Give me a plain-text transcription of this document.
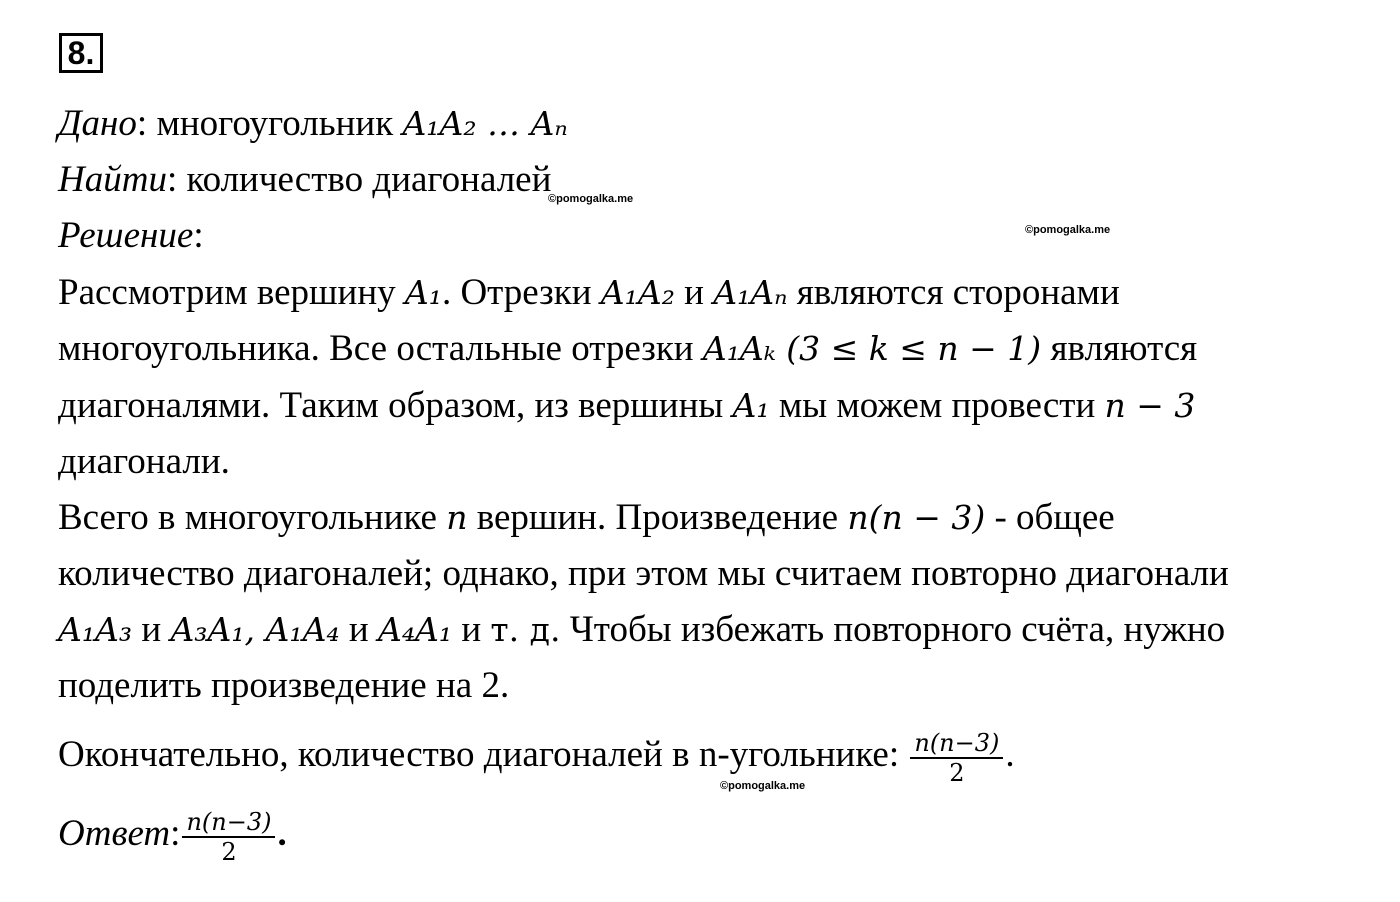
8.
Дано: многоугольник A₁A₂ … Aₙ
Найти: количество диагоналей
©pomogalka.me
Решение:	©pomogalka.me
Рассмотрим вершину A₁. Отрезки A₁A₂ и A₁Aₙ являются сторонами
многоугольника. Все остальные отрезки A₁Aₖ (3 ≤ k ≤ n − 1) являются
диагоналями. Таким образом, из вершины A₁ мы можем провести n − 3
диагонали.
Всего в многоугольнике n вершин. Произведение n(n − 3) - общее
количество диагоналей; однако, при этом мы считаем повторно диагонали
A₁A₃ и A₃A₁, A₁A₄ и A₄A₁ и т. д. Чтобы избежать повторного счёта, нужно
поделить произведение на 2.
Окончательно, количество диагоналей в n-угольнике: $\frac{n(n-3)}{2}$ .
©pomogalka.me
Ответ: $\frac{n(n-3)}{2}$ .
